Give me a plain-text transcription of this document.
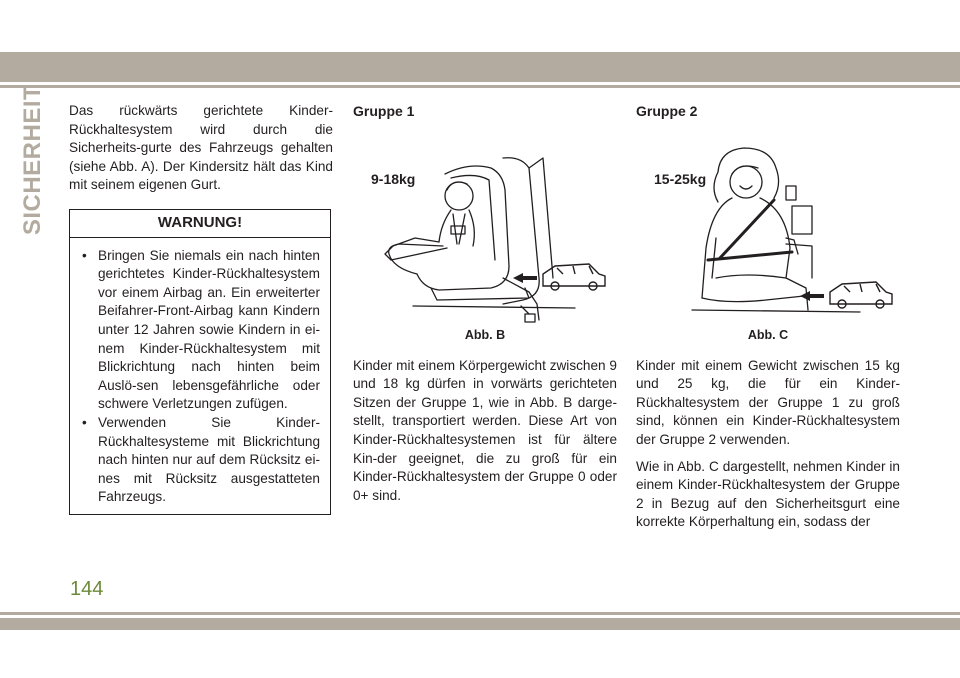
SICHERHEIT Das rückwärts gerichtete Kinder-Rückhaltesystem wird durch die Sicherheits-gurte des Fahrzeugs gehalten (siehe Abb. A). Der Kindersitz hält das Kind mit seinem eigenen Gurt.

WARNUNG!
• Bringen Sie niemals ein nach hinten gerichtetes Kinder-Rückhaltesystem vor einem Airbag an. Ein erweiterter Beifahrer-Front-Airbag kann Kindern unter 12 Jahren sowie Kindern in ei-nem Kinder-Rückhaltesystem mit Blickrichtung nach hinten beim Auslö-sen lebensgefährliche oder schwere Verletzungen zufügen.
• Verwenden Sie Kinder-Rückhaltesysteme mit Blickrichtung nach hinten nur auf dem Rücksitz ei-nes mit Rücksitz ausgestatteten Fahrzeugs.
Gruppe 1
9-18kg
Abb. B

Kinder mit einem Körpergewicht zwischen 9 und 18 kg dürfen in vorwärts gerichteten Sitzen der Gruppe 1, wie in Abb. B darge-stellt, transportiert werden. Diese Art von Kinder-Rückhaltesystemen ist für ältere Kin-der geeignet, die zu groß für ein Kinder-Rückhaltesystem der Gruppe 0 oder 0+ sind.

Gruppe 2
15-25kg
Abb. C

Kinder mit einem Gewicht zwischen 15 kg und 25 kg, die für ein Kinder-Rückhaltesystem der Gruppe 1 zu groß sind, können ein Kinder-Rückhaltesystem der Gruppe 2 verwenden.

Wie in Abb. C dargestellt, nehmen Kinder in einem Kinder-Rückhaltesystem der Gruppe 2 in Bezug auf den Sicherheitsgurt eine korrekte Körperhaltung ein, sodass der

144
